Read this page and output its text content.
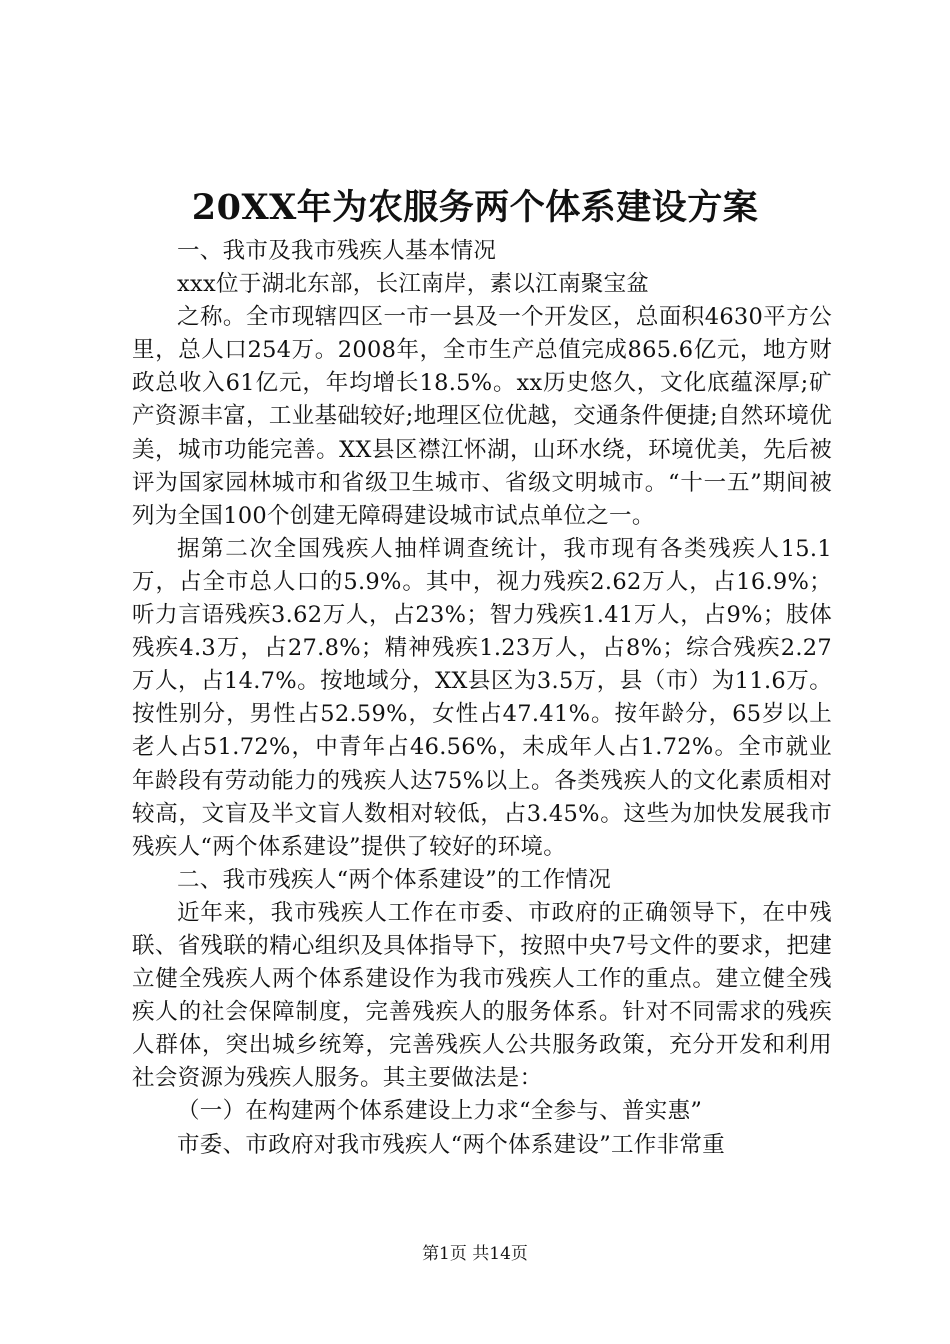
20XX年为农服务两个体系建设方案

一、我市及我市残疾人基本情况

xxx位于湖北东部，长江南岸，素以江南聚宝盆

之称。全市现辖四区一市一县及一个开发区，总面积4630平方公里，总人口254万。2008年，全市生产总值完成865.6亿元，地方财政总收入61亿元，年均增长18.5%。xx历史悠久，文化底蕴深厚;矿产资源丰富，工业基础较好;地理区位优越，交通条件便捷;自然环境优美，城市功能完善。XX县区襟江怀湖，山环水绕，环境优美，先后被评为国家园林城市和省级卫生城市、省级文明城市。“十一五”期间被列为全国100个创建无障碍建设城市试点单位之一。

据第二次全国残疾人抽样调查统计，我市现有各类残疾人15.1万，占全市总人口的5.9%。其中，视力残疾2.62万人，占16.9%；听力言语残疾3.62万人，占23%；智力残疾1.41万人，占9%；肢体残疾4.3万，占27.8%；精神残疾1.23万人，占8%；综合残疾2.27万人，占14.7%。按地域分，XX县区为3.5万，县（市）为11.6万。按性别分，男性占52.59%，女性占47.41%。按年龄分，65岁以上老人占51.72%，中青年占46.56%，未成年人占1.72%。全市就业年龄段有劳动能力的残疾人达75%以上。各类残疾人的文化素质相对较高，文盲及半文盲人数相对较低，占3.45%。这些为加快发展我市残疾人“两个体系建设”提供了较好的环境。

二、我市残疾人“两个体系建设”的工作情况

近年来，我市残疾人工作在市委、市政府的正确领导下，在中残联、省残联的精心组织及具体指导下，按照中央7号文件的要求，把建立健全残疾人两个体系建设作为我市残疾人工作的重点。建立健全残疾人的社会保障制度，完善残疾人的服务体系。针对不同需求的残疾人群体，突出城乡统筹，完善残疾人公共服务政策，充分开发和利用社会资源为残疾人服务。其主要做法是：

（一）在构建两个体系建设上力求“全参与、普实惠”

市委、市政府对我市残疾人“两个体系建设”工作非常重

第1页 共14页
